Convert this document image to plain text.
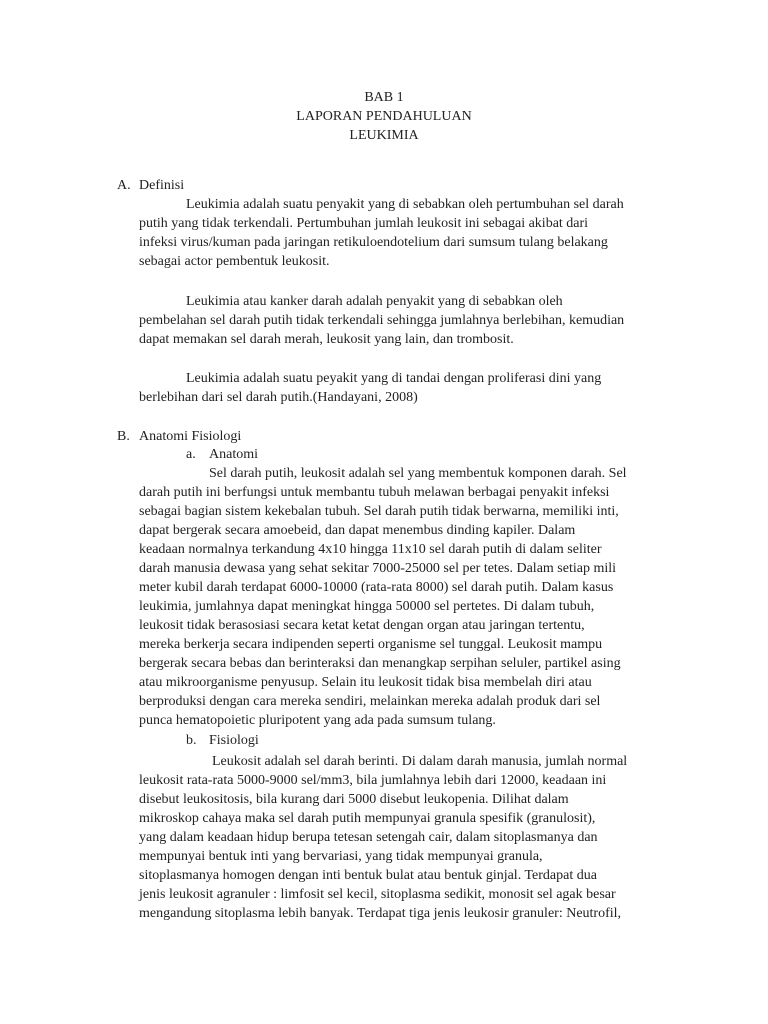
BAB 1
LAPORAN PENDAHULUAN
LEUKIMIA
A. Definisi
Leukimia adalah suatu penyakit yang di sebabkan oleh pertumbuhan sel darah
putih yang tidak terkendali. Pertumbuhan jumlah leukosit ini sebagai akibat dari
infeksi virus/kuman pada jaringan retikuloendotelium dari sumsum tulang belakang
sebagai actor pembentuk leukosit.
Leukimia atau kanker darah adalah penyakit yang di sebabkan oleh
pembelahan sel darah putih tidak terkendali sehingga jumlahnya berlebihan, kemudian
dapat memakan sel darah merah, leukosit yang lain, dan trombosit.
Leukimia adalah suatu peyakit yang di tandai dengan proliferasi dini yang
berlebihan dari sel darah putih.(Handayani, 2008)
B. Anatomi Fisiologi
a. Anatomi
Sel darah putih, leukosit adalah sel yang membentuk komponen darah. Sel
darah putih ini berfungsi untuk membantu tubuh melawan berbagai penyakit infeksi
sebagai bagian sistem kekebalan tubuh. Sel darah putih tidak berwarna, memiliki inti,
dapat bergerak secara amoebeid, dan dapat menembus dinding kapiler. Dalam
keadaan normalnya terkandung 4x10 hingga 11x10 sel darah putih di dalam seliter
darah manusia dewasa yang sehat sekitar 7000-25000 sel per tetes. Dalam setiap mili
meter kubil darah terdapat 6000-10000 (rata-rata 8000) sel darah putih. Dalam kasus
leukimia, jumlahnya dapat meningkat hingga 50000 sel pertetes. Di dalam tubuh,
leukosit tidak berasosiasi secara ketat ketat dengan organ atau jaringan tertentu,
mereka berkerja secara indipenden seperti organisme sel tunggal. Leukosit mampu
bergerak secara bebas dan berinteraksi dan menangkap serpihan seluler, partikel asing
atau mikroorganisme penyusup. Selain itu leukosit tidak bisa membelah diri atau
berproduksi dengan cara mereka sendiri, melainkan mereka adalah produk dari sel
punca hematopoietic pluripotent yang ada pada sumsum tulang.
b. Fisiologi
Leukosit adalah sel darah berinti. Di dalam darah manusia, jumlah normal
leukosit rata-rata 5000-9000 sel/mm3, bila jumlahnya lebih dari 12000, keadaan ini
disebut leukositosis, bila kurang dari 5000 disebut leukopenia. Dilihat dalam
mikroskop cahaya maka sel darah putih mempunyai granula spesifik (granulosit),
yang dalam keadaan hidup berupa tetesan setengah cair, dalam sitoplasmanya dan
mempunyai bentuk inti yang bervariasi, yang tidak mempunyai granula,
sitoplasmanya homogen dengan inti bentuk bulat atau bentuk ginjal. Terdapat dua
jenis leukosit agranuler : limfosit sel kecil, sitoplasma sedikit, monosit sel agak besar
mengandung sitoplasma lebih banyak. Terdapat tiga jenis leukosir granuler: Neutrofil,
